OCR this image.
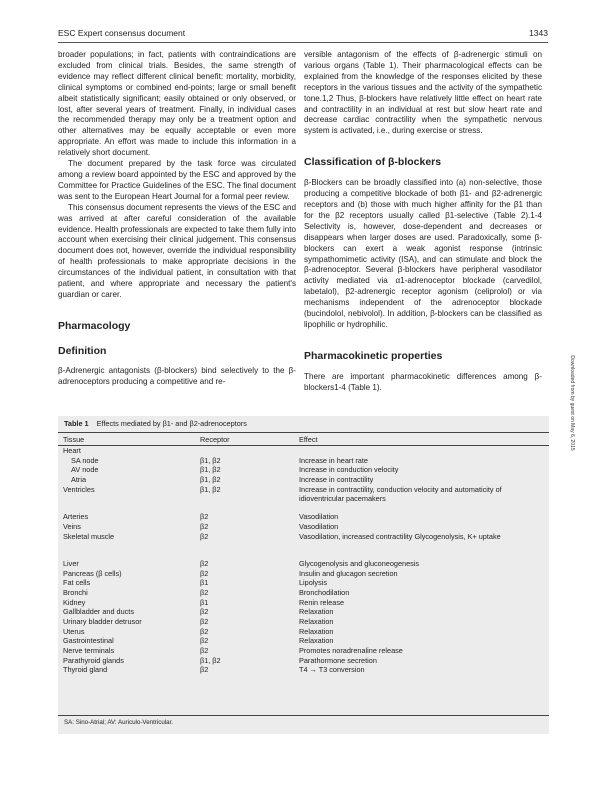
ESC Expert consensus document	1343

broader populations; in fact, patients with contraindications are excluded from clinical trials. Besides, the same strength of evidence may reflect different clinical benefit: mortality, morbidity, clinical symptoms or combined end-points; large or small benefit albeit statistically significant; easily obtained or only observed, or lost, after several years of treatment. Finally, in individual cases the recommended therapy may only be a treatment option and other alternatives may be equally acceptable or even more appropriate. An effort was made to include this information in a relatively short document.

The document prepared by the task force was circulated among a review board appointed by the ESC and approved by the Committee for Practice Guidelines of the ESC. The final document was sent to the European Heart Journal for a formal peer review.

This consensus document represents the views of the ESC and was arrived at after careful consideration of the available evidence. Health professionals are expected to take them fully into account when exercising their clinical judgement. This consensus document does not, however, override the individual responsibility of health professionals to make appropriate decisions in the circumstances of the individual patient, in consultation with that patient, and where appropriate and necessary the patient's guardian or carer.

Pharmacology
Definition

β-Adrenergic antagonists (β-blockers) bind selectively to the β-adrenoceptors producing a competitive and re-

versible antagonism of the effects of β-adrenergic stimuli on various organs (Table 1). Their pharmacological effects can be explained from the knowledge of the responses elicited by these receptors in the various tissues and the activity of the sympathetic tone.1,2 Thus, β-blockers have relatively little effect on heart rate and contractility in an individual at rest but slow heart rate and decrease cardiac contractility when the sympathetic nervous system is activated, i.e., during exercise or stress.

Classification of β-blockers

β-Blockers can be broadly classified into (a) non-selective, those producing a competitive blockade of both β1- and β2-adrenergic receptors and (b) those with much higher affinity for the β1 than for the β2 receptors usually called β1-selective (Table 2).1-4 Selectivity is, however, dose-dependent and decreases or disappears when larger doses are used. Paradoxically, some β-blockers can exert a weak agonist response (intrinsic sympathomimetic activity (ISA), and can stimulate and block the β-adrenoceptor. Several β-blockers have peripheral vasodilator activity mediated via α1-adrenoceptor blockade (carvedilol, labetalol), β2-adrenergic receptor agonism (celiprolol) or via mechanisms independent of the adrenoceptor blockade (bucindolol, nebivolol). In addition, β-blockers can be classified as lipophilic or hydrophilic.

Pharmacokinetic properties

There are important pharmacokinetic differences among β-blockers1-4 (Table 1).	Downloaded from by guest on May 6, 2015
Table 1 Effects mediated by β1- and β2-adrenoceptors
Tissue	Receptor	Effect
Heart
SA node	β1, β2	Increase in heart rate
AV node	β1, β2	Increase in conduction velocity
Atria	β1, β2	Increase in contractility
Ventricles	β1, β2	Increase in contractility, conduction velocity and automaticity of idioventricular pacemakers
Arteries	β2	Vasodilation
Veins	β2	Vasodilation
Skeletal muscle	β2	Vasodilation, increased contractility Glycogenolysis, K+ uptake
Liver	β2	Glycogenolysis and gluconeogenesis
Pancreas (β cells)	β2	Insulin and glucagon secretion
Fat cells	β1	Lipolysis
Bronchi	β2	Bronchodilation
Kidney	β1	Renin release
Gallbladder and ducts	β2	Relaxation
Urinary bladder detrusor	β2	Relaxation
Uterus	β2	Relaxation
Gastrointestinal	β2	Relaxation
Nerve terminals	β2	Promotes noradrenaline release
Parathyroid glands	β1, β2	Parathormone secretion
Thyroid gland	β2	T4 → T3 conversion
SA: Sino-Atrial; AV: Auriculo-Ventricular.
